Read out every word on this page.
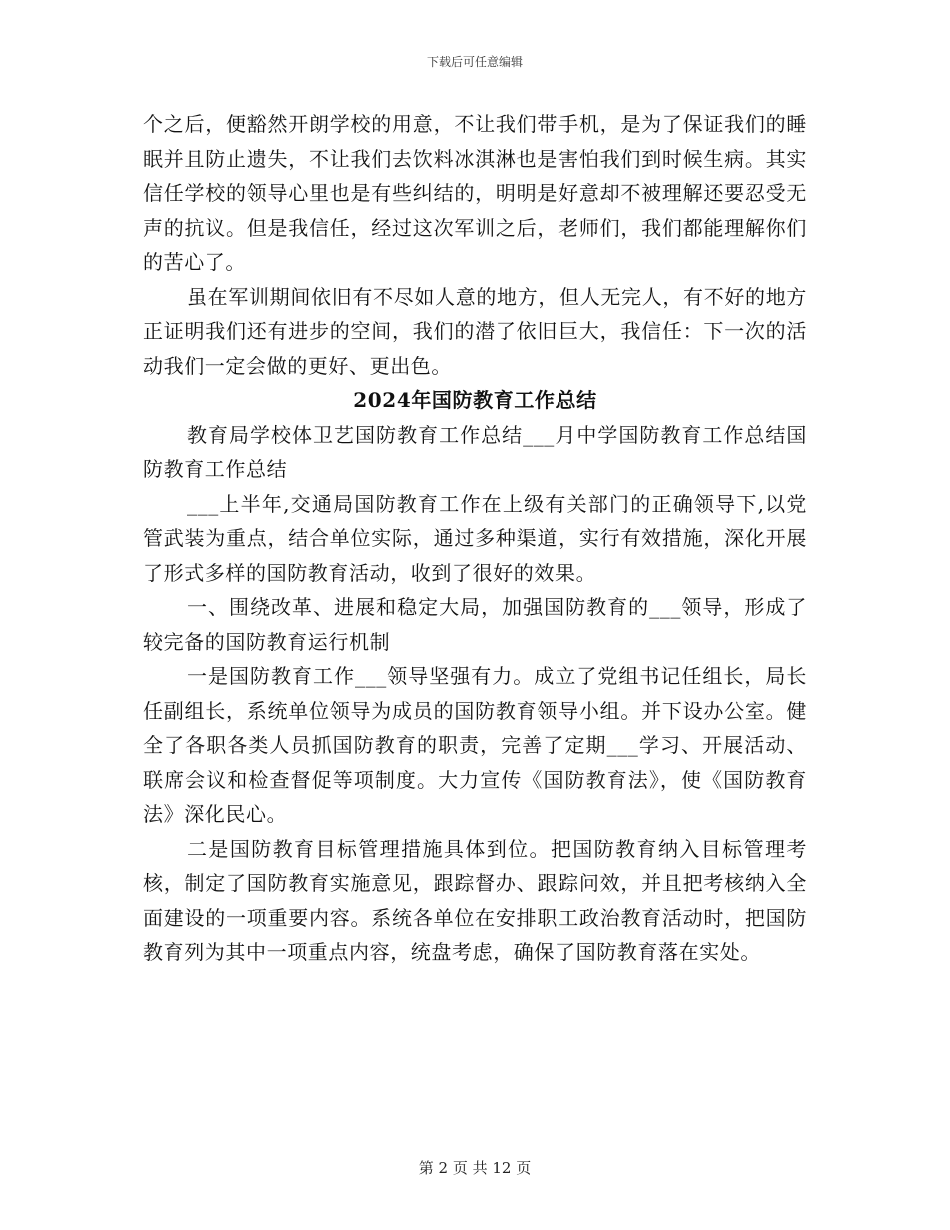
下载后可任意编辑

个之后，便豁然开朗学校的用意，不让我们带手机，是为了保证我们的睡眠并且防止遗失，不让我们去饮料冰淇淋也是害怕我们到时候生病。其实信任学校的领导心里也是有些纠结的，明明是好意却不被理解还要忍受无声的抗议。但是我信任，经过这次军训之后，老师们，我们都能理解你们的苦心了。

虽在军训期间依旧有不尽如人意的地方，但人无完人，有不好的地方正证明我们还有进步的空间，我们的潜了依旧巨大，我信任：下一次的活动我们一定会做的更好、更出色。

2024年国防教育工作总结

教育局学校体卫艺国防教育工作总结___月中学国防教育工作总结国防教育工作总结

___上半年,交通局国防教育工作在上级有关部门的正确领导下,以党管武装为重点，结合单位实际，通过多种渠道，实行有效措施，深化开展了形式多样的国防教育活动，收到了很好的效果。

一、围绕改革、进展和稳定大局，加强国防教育的___领导，形成了较完备的国防教育运行机制

一是国防教育工作___领导坚强有力。成立了党组书记任组长，局长任副组长，系统单位领导为成员的国防教育领导小组。并下设办公室。健全了各职各类人员抓国防教育的职责，完善了定期___学习、开展活动、联席会议和检查督促等项制度。大力宣传《国防教育法》，使《国防教育法》深化民心。

二是国防教育目标管理措施具体到位。把国防教育纳入目标管理考核，制定了国防教育实施意见，跟踪督办、跟踪问效，并且把考核纳入全面建设的一项重要内容。系统各单位在安排职工政治教育活动时，把国防教育列为其中一项重点内容，统盘考虑，确保了国防教育落在实处。

第 2 页 共 12 页
